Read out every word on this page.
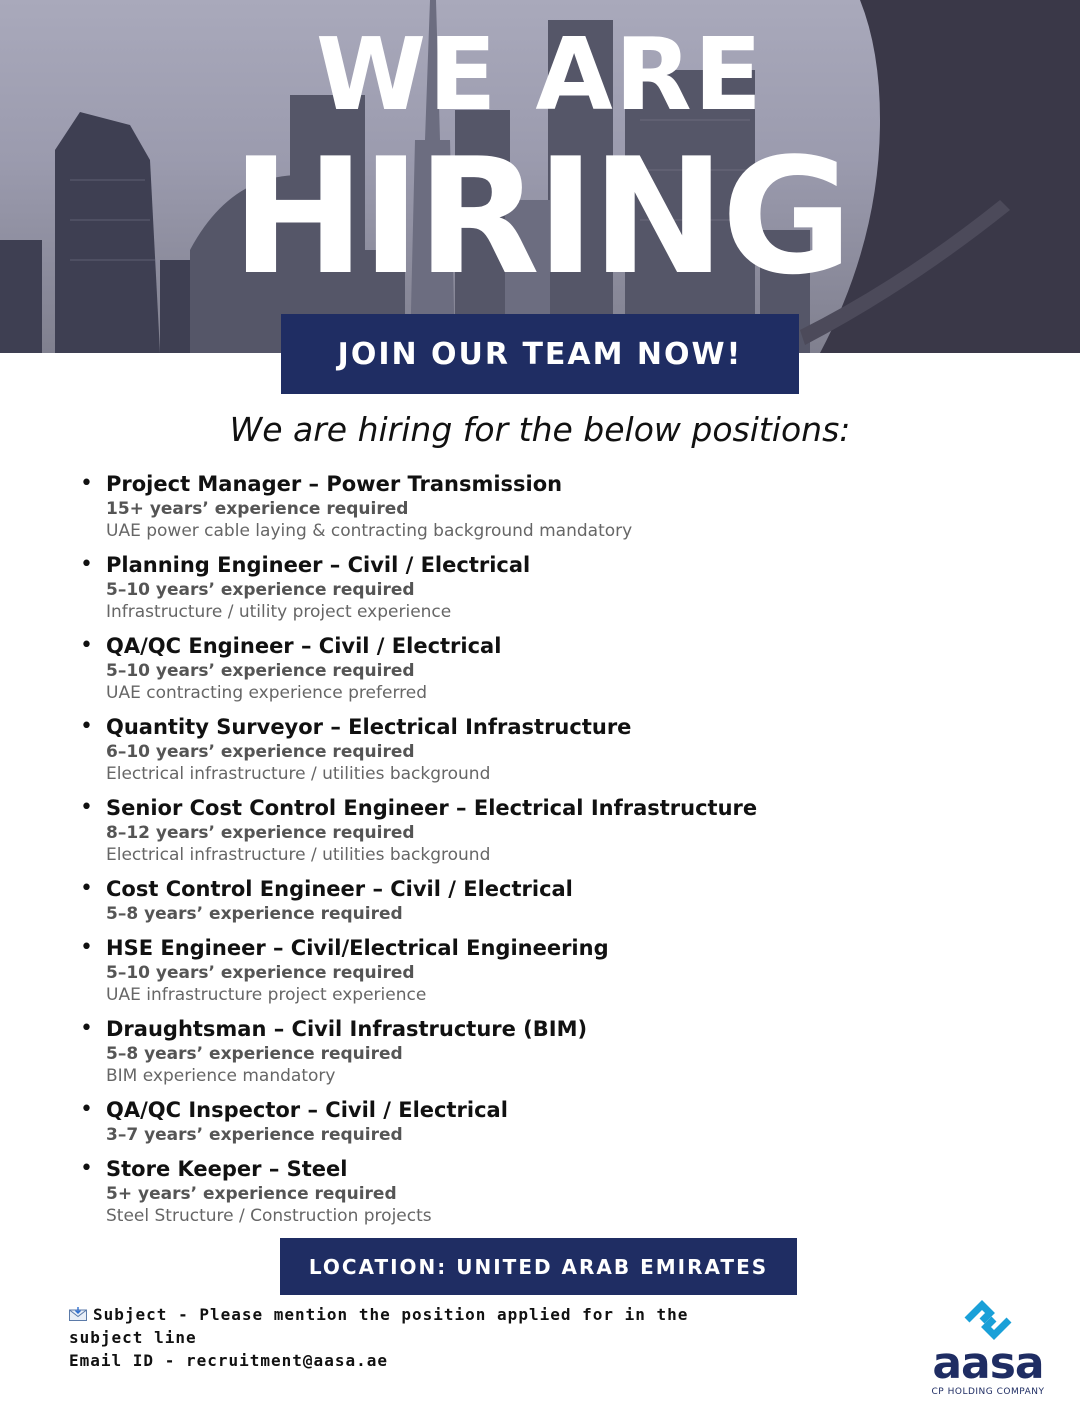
WE ARE
HIRING
JOIN OUR TEAM NOW!
We are hiring for the below positions:
• Project Manager – Power Transmission
15+ years’ experience required
UAE power cable laying & contracting background mandatory
• Planning Engineer – Civil / Electrical
5–10 years’ experience required
Infrastructure / utility project experience
• QA/QC Engineer – Civil / Electrical
5–10 years’ experience required
UAE contracting experience preferred
• Quantity Surveyor – Electrical Infrastructure
6–10 years’ experience required
Electrical infrastructure / utilities background
• Senior Cost Control Engineer – Electrical Infrastructure
8–12 years’ experience required
Electrical infrastructure / utilities background
• Cost Control Engineer – Civil / Electrical
5–8 years’ experience required
• HSE Engineer – Civil/Electrical Engineering
5–10 years’ experience required
UAE infrastructure project experience
• Draughtsman – Civil Infrastructure (BIM)
5–8 years’ experience required
BIM experience mandatory
• QA/QC Inspector – Civil / Electrical
3–7 years’ experience required
• Store Keeper – Steel
5+ years’ experience required
Steel Structure / Construction projects
LOCATION: UNITED ARAB EMIRATES
Subject - Please mention the position applied for in the subject line
Email ID - recruitment@aasa.ae	aasa
CP HOLDING COMPANY
